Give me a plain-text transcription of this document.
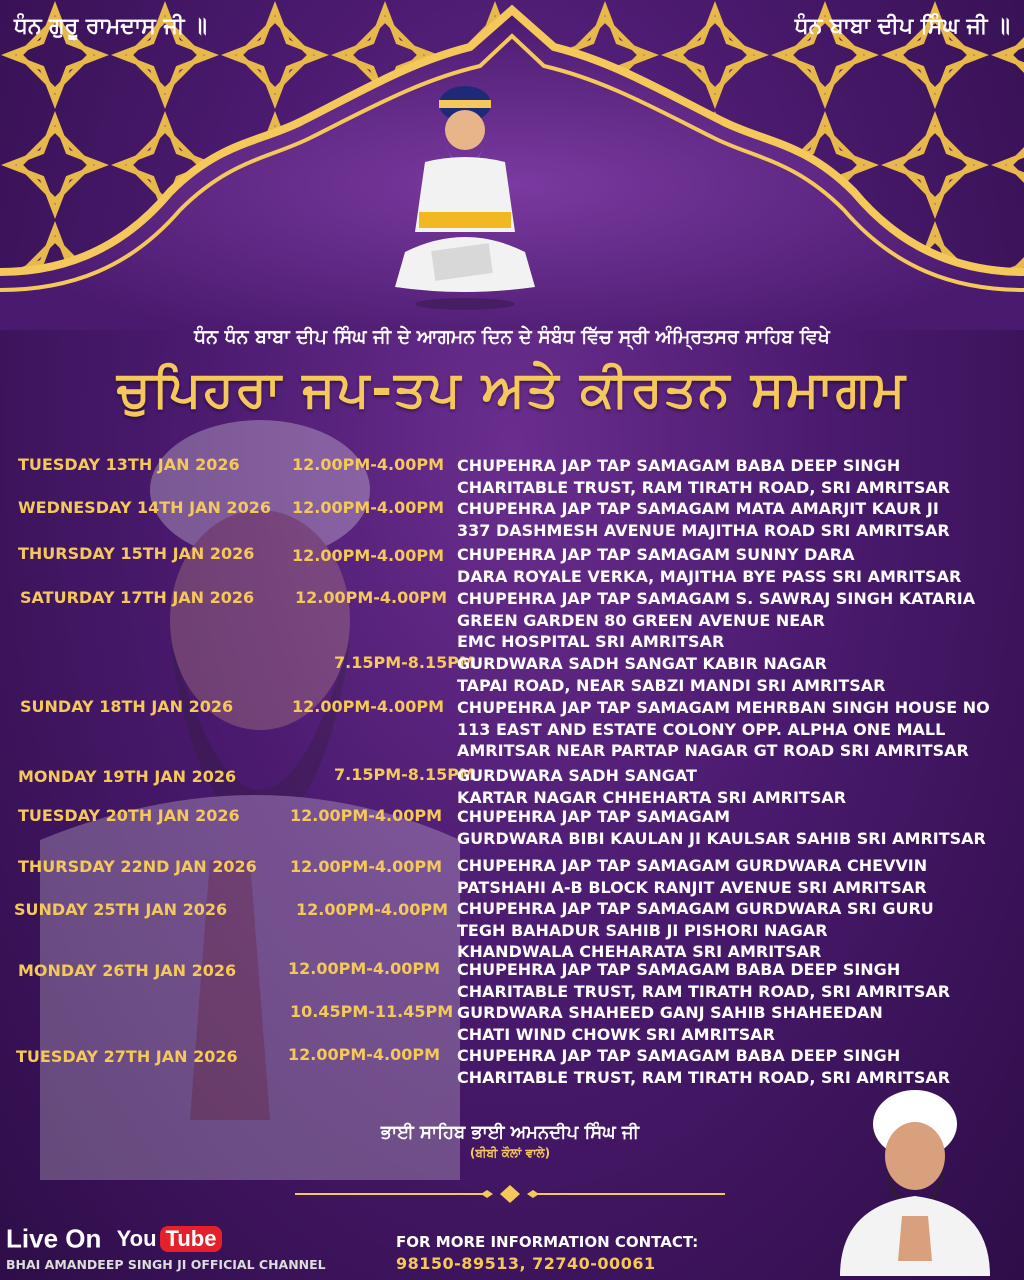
ਧੰਨ ਗੁਰੂ ਰਾਮਦਾਸ ਜੀ ॥	ਧੰਨ ਬਾਬਾ ਦੀਪ ਸਿੰਘ ਜੀ ॥
ਧੰਨ ਧੰਨ ਬਾਬਾ ਦੀਪ ਸਿੰਘ ਜੀ ਦੇ ਆਗਮਨ ਦਿਨ ਦੇ ਸੰਬੰਧ ਵਿੱਚ ਸ੍ਰੀ ਅੰਮ੍ਰਿਤਸਰ ਸਾਹਿਬ ਵਿਖੇ
ਚੁਪਿਹਰਾ ਜਪ-ਤਪ ਅਤੇ ਕੀਰਤਨ ਸਮਾਗਮ
TUESDAY 13TH JAN 2026	12.00PM-4.00PM CHUPEHRA JAP TAP SAMAGAM BABA DEEP SINGH
CHARITABLE TRUST, RAM TIRATH ROAD, SRI AMRITSAR
WEDNESDAY 14TH JAN 2026 12.00PM-4.00PM CHUPEHRA JAP TAP SAMAGAM MATA AMARJIT KAUR JI
337 DASHMESH AVENUE MAJITHA ROAD SRI AMRITSAR
THURSDAY 15TH JAN 2026 12.00PM-4.00PM CHUPEHRA JAP TAP SAMAGAM SUNNY DARA
DARA ROYALE VERKA, MAJITHA BYE PASS SRI AMRITSAR
SATURDAY 17TH JAN 2026	12.00PM-4.00PM CHUPEHRA JAP TAP SAMAGAM S. SAWRAJ SINGH KATARIA
GREEN GARDEN 80 GREEN AVENUE NEAR
EMC HOSPITAL SRI AMRITSAR
7.15PM-8.15PM
GURDWARA SADH SANGAT KABIR NAGAR
TAPAI ROAD, NEAR SABZI MANDI SRI AMRITSAR
SUNDAY 18TH JAN 2026	12.00PM-4.00PM CHUPEHRA JAP TAP SAMAGAM MEHRBAN SINGH HOUSE NO
113 EAST AND ESTATE COLONY OPP. ALPHA ONE MALL
AMRITSAR NEAR PARTAP NAGAR GT ROAD SRI AMRITSAR
MONDAY 19TH JAN 2026	7.15PM-8.15PM
GURDWARA SADH SANGAT
KARTAR NAGAR CHHEHARTA SRI AMRITSAR
TUESDAY 20TH JAN 2026	12.00PM-4.00PM CHUPEHRA JAP TAP SAMAGAM
GURDWARA BIBI KAULAN JI KAULSAR SAHIB SRI AMRITSAR
THURSDAY 22ND JAN 2026 12.00PM-4.00PM CHUPEHRA JAP TAP SAMAGAM GURDWARA CHEVVIN
PATSHAHI A-B BLOCK RANJIT AVENUE SRI AMRITSAR
SUNDAY 25TH JAN 2026	12.00PM-4.00PM CHUPEHRA JAP TAP SAMAGAM GURDWARA SRI GURU
TEGH BAHADUR SAHIB JI PISHORI NAGAR
KHANDWALA CHEHARATA SRI AMRITSAR
MONDAY 26TH JAN 2026	12.00PM-4.00PM CHUPEHRA JAP TAP SAMAGAM BABA DEEP SINGH
CHARITABLE TRUST, RAM TIRATH ROAD, SRI AMRITSAR
10.45PM-11.45PM GURDWARA SHAHEED GANJ SAHIB SHAHEEDAN
CHATI WIND CHOWK SRI AMRITSAR
TUESDAY 27TH JAN 2026	12.00PM-4.00PM CHUPEHRA JAP TAP SAMAGAM BABA DEEP SINGH
CHARITABLE TRUST, RAM TIRATH ROAD, SRI AMRITSAR
ਭਾਈ ਸਾਹਿਬ ਭਾਈ ਅਮਨਦੀਪ ਸਿੰਘ ਜੀ
(ਬੀਬੀ ਕੌਲਾਂ ਵਾਲੇ)
Live On You Tube
BHAI AMANDEEP SINGH JI OFFICIAL CHANNEL
FOR MORE INFORMATION CONTACT:
98150-89513, 72740-00061
